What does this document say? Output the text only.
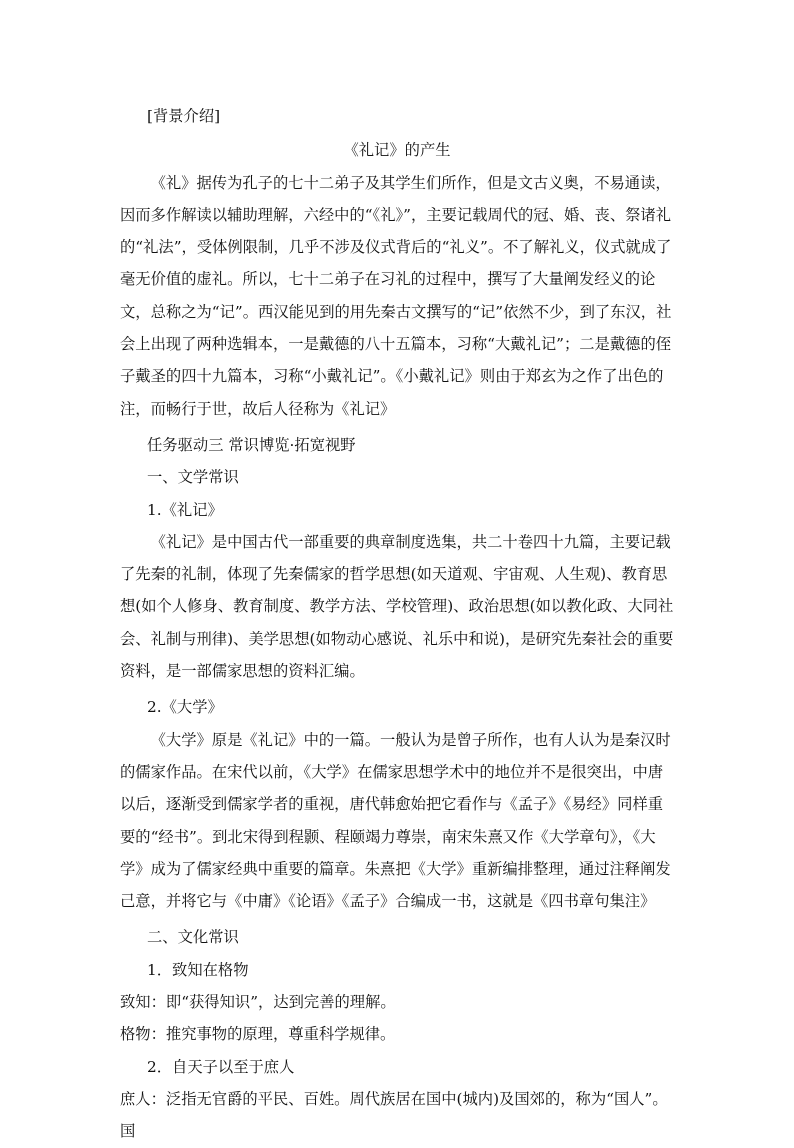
[背景介绍]

《礼记》的产生

《礼》据传为孔子的七十二弟子及其学生们所作，但是文古义奥，不易通读，因而多作解读以辅助理解，六经中的“《礼》”，主要记载周代的冠、婚、丧、祭诸礼的“礼法”，受体例限制，几乎不涉及仪式背后的“礼义”。不了解礼义，仪式就成了毫无价值的虚礼。所以，七十二弟子在习礼的过程中，撰写了大量阐发经义的论文，总称之为“记”。西汉能见到的用先秦古文撰写的“记”依然不少，到了东汉，社会上出现了两种选辑本，一是戴德的八十五篇本，习称“大戴礼记”；二是戴德的侄子戴圣的四十九篇本，习称“小戴礼记”。《小戴礼记》则由于郑玄为之作了出色的注，而畅行于世，故后人径称为《礼记》

任务驱动三 常识博览·拓宽视野

一、文学常识

1.《礼记》

《礼记》是中国古代一部重要的典章制度选集，共二十卷四十九篇，主要记载了先秦的礼制，体现了先秦儒家的哲学思想(如天道观、宇宙观、人生观)、教育思想(如个人修身、教育制度、教学方法、学校管理)、政治思想(如以教化政、大同社会、礼制与刑律)、美学思想(如物动心感说、礼乐中和说)，是研究先秦社会的重要资料，是一部儒家思想的资料汇编。

2.《大学》

《大学》原是《礼记》中的一篇。一般认为是曾子所作，也有人认为是秦汉时的儒家作品。在宋代以前，《大学》在儒家思想学术中的地位并不是很突出，中唐以后，逐渐受到儒家学者的重视，唐代韩愈始把它看作与《孟子》《易经》同样重要的“经书”。到北宋得到程颢、程颐竭力尊崇，南宋朱熹又作《大学章句》，《大学》成为了儒家经典中重要的篇章。朱熹把《大学》重新编排整理，通过注释阐发己意，并将它与《中庸》《论语》《孟子》合编成一书，这就是《四书章句集注》

二、文化常识

1．致知在格物

致知：即“获得知识”，达到完善的理解。

格物：推究事物的原理，尊重科学规律。

2．自天子以至于庶人

庶人：泛指无官爵的平民、百姓。周代族居在国中(城内)及国郊的，称为“国人”。国
